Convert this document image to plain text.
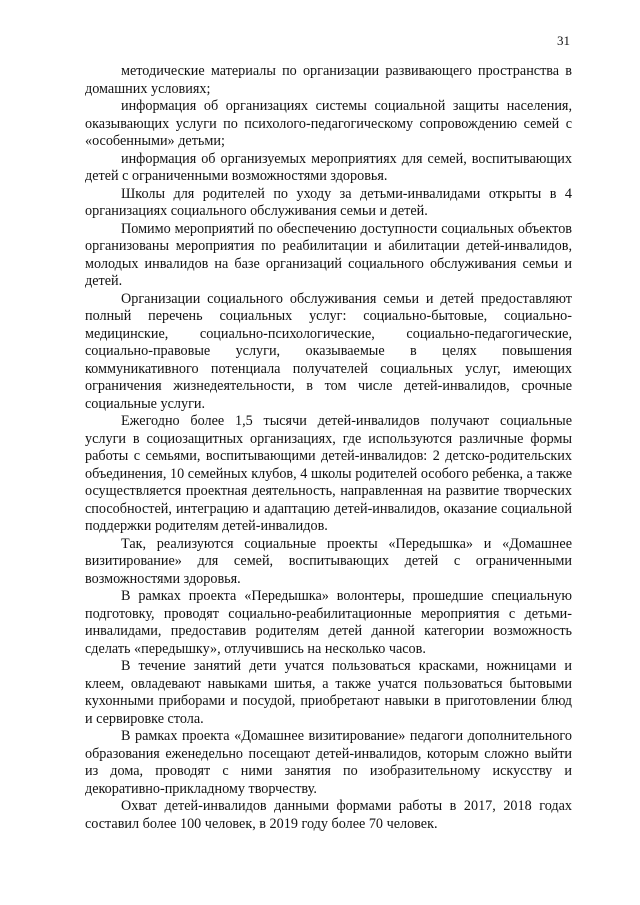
31

методические материалы по организации развивающего пространства в домашних условиях;

информация об организациях системы социальной защиты населения, оказывающих услуги по психолого-педагогическому сопровождению семей с «особенными» детьми;

информация об организуемых мероприятиях для семей, воспитывающих детей с ограниченными возможностями здоровья.

Школы для родителей по уходу за детьми-инвалидами открыты в 4 организациях социального обслуживания семьи и детей.

Помимо мероприятий по обеспечению доступности социальных объектов организованы мероприятия по реабилитации и абилитации детей-инвалидов, молодых инвалидов на базе организаций социального обслуживания семьи и детей.

Организации социального обслуживания семьи и детей предоставляют полный перечень социальных услуг: социально-бытовые, социально-медицинские, социально-психологические, социально-педагогические, социально-правовые услуги, оказываемые в целях повышения коммуникативного потенциала получателей социальных услуг, имеющих ограничения жизнедеятельности, в том числе детей-инвалидов, срочные социальные услуги.

Ежегодно более 1,5 тысячи детей-инвалидов получают социальные услуги в социозащитных организациях, где используются различные формы работы с семьями, воспитывающими детей-инвалидов: 2 детско-родительских объединения, 10 семейных клубов, 4 школы родителей особого ребенка, а также осуществляется проектная деятельность, направленная на развитие творческих способностей, интеграцию и адаптацию детей-инвалидов, оказание социальной поддержки родителям детей-инвалидов.

Так, реализуются социальные проекты «Передышка» и «Домашнее визитирование» для семей, воспитывающих детей с ограниченными возможностями здоровья.

В рамках проекта «Передышка» волонтеры, прошедшие специальную подготовку, проводят социально-реабилитационные мероприятия с детьми-инвалидами, предоставив родителям детей данной категории возможность сделать «передышку», отлучившись на несколько часов.

В течение занятий дети учатся пользоваться красками, ножницами и клеем, овладевают навыками шитья, а также учатся пользоваться бытовыми кухонными приборами и посудой, приобретают навыки в приготовлении блюд и сервировке стола.

В рамках проекта «Домашнее визитирование» педагоги дополнительного образования еженедельно посещают детей-инвалидов, которым сложно выйти из дома, проводят с ними занятия по изобразительному искусству и декоративно-прикладному творчеству.

Охват детей-инвалидов данными формами работы в 2017, 2018 годах составил более 100 человек, в 2019 году более 70 человек.
